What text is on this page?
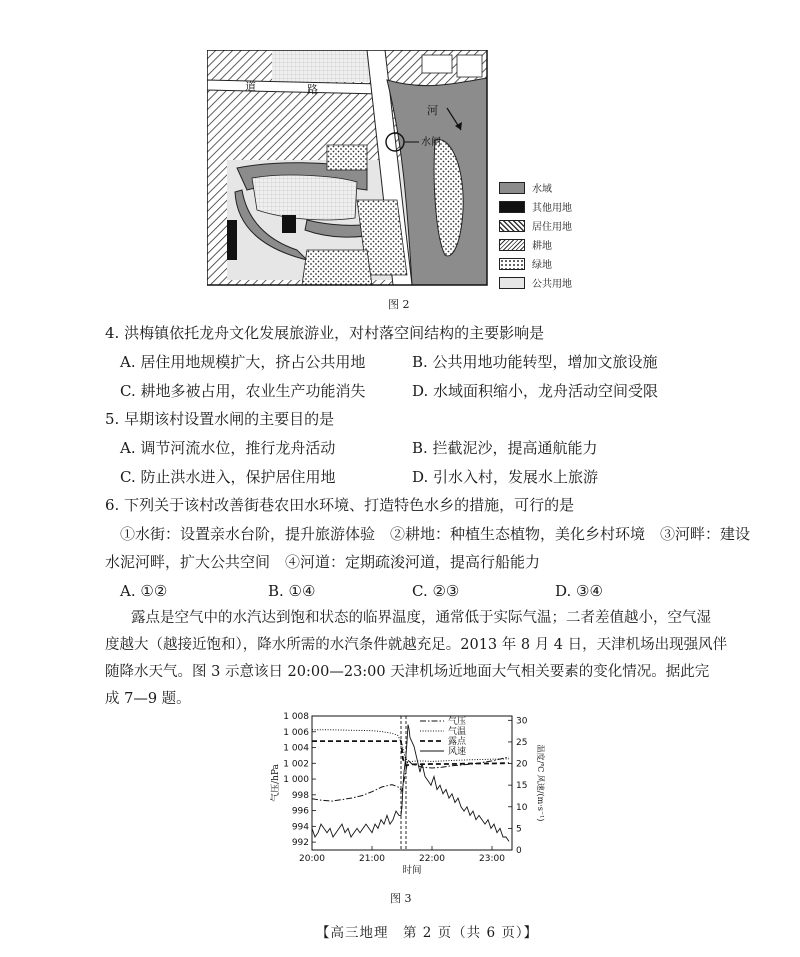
道	路
河
水闸
水域
其他用地
居住用地
耕地
绿地
公共用地
图 2
4. 洪梅镇依托龙舟文化发展旅游业，对村落空间结构的主要影响是
A. 居住用地规模扩大，挤占公共用地	B. 公共用地功能转型，增加文旅设施
C. 耕地多被占用，农业生产功能消失	D. 水域面积缩小，龙舟活动空间受限
5. 早期该村设置水闸的主要目的是
A. 调节河流水位，推行龙舟活动	B. 拦截泥沙，提高通航能力
C. 防止洪水进入，保护居住用地	D. 引水入村，发展水上旅游
6. 下列关于该村改善街巷农田水环境、打造特色水乡的措施，可行的是
①水街：设置亲水台阶，提升旅游体验　②耕地：种植生态植物，美化乡村环境　③河畔：建设
水泥河畔，扩大公共空间　④河道：定期疏浚河道，提高行船能力
A. ①②	B. ①④	C. ②③	D. ③④
露点是空气中的水汽达到饱和状态的临界温度，通常低于实际气温；二者差值越小，空气湿
度越大（越接近饱和），降水所需的水汽条件就越充足。2013 年 8 月 4 日，天津机场出现强风伴
随降水天气。图 3 示意该日 20:00—23:00 天津机场近地面大气相关要素的变化情况。据此完
成 7—9 题。
1 008
1 006
1 004
1 002
1 000
998
996
994
992
30
25
20
15
10
5
0
20:00	21:00	22:00	23:00
时间
气压/hPa	温度/℃ 风速/(m·s⁻¹)
气压
气温
露点
风速
图 3
【高三地理　第 2 页（共 6 页）】
